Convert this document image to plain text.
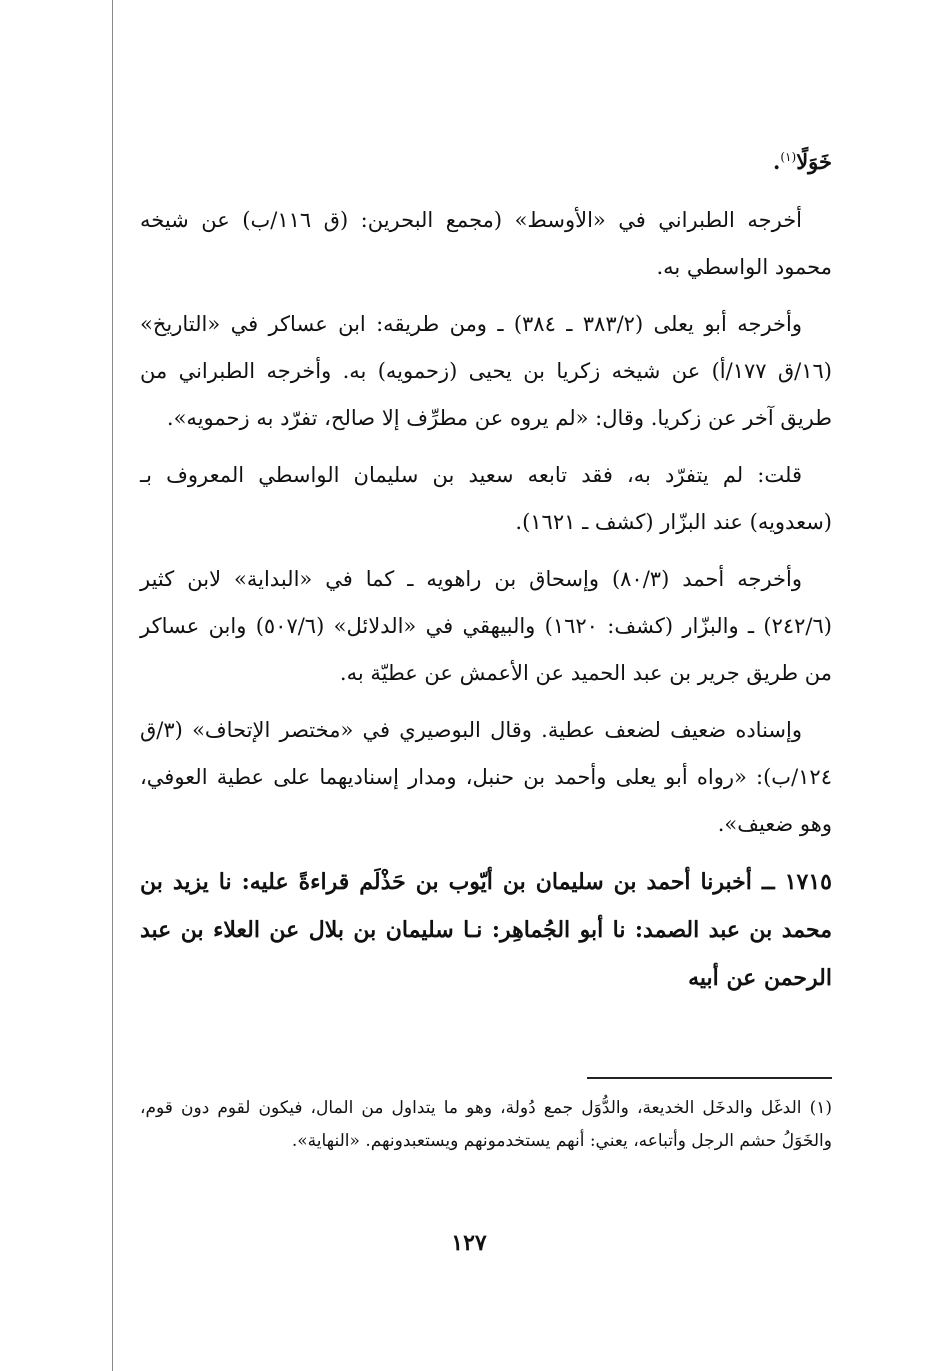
خَوَلًا$^{(١)}$.

أخرجه الطبراني في «الأوسط» (مجمع البحرين: (ق ١١٦/ب) عن شيخه محمود الواسطي به.

وأخرجه أبو يعلى (٣٨٣/٢ ـ ٣٨٤) ـ ومن طريقه: ابن عساكر في «التاريخ» (١٦/ق ١٧٧/أ) عن شيخه زكريا بن يحيى (زحمويه) به. وأخرجه الطبراني من طريق آخر عن زكريا. وقال: «لم يروه عن مطرِّف إلا صالح، تفرّد به زحمويه».

قلت: لم يتفرّد به، فقد تابعه سعيد بن سليمان الواسطي المعروف بـ (سعدويه) عند البزّار (كشف ـ ١٦٢١).

وأخرجه أحمد (٨٠/٣) وإسحاق بن راهويه ـ كما في «البداية» لابن كثير (٢٤٢/٦) ـ والبزّار (كشف: ١٦٢٠) والبيهقي في «الدلائل» (٥٠٧/٦) وابن عساكر من طريق جرير بن عبد الحميد عن الأعمش عن عطيّة به.

وإسناده ضعيف لضعف عطية. وقال البوصيري في «مختصر الإتحاف» (٣/ق ١٢٤/ب): «رواه أبو يعلى وأحمد بن حنبل، ومدار إسناديهما على عطية العوفي، وهو ضعيف».

١٧١٥ ــ أخبرنا أحمد بن سليمان بن أيّوب بن حَذْلَم قراءةً عليه: نا يزيد بن محمد بن عبد الصمد: نا أبو الجُماهِر: نـا سليمان بن بلال عن العلاء بن عبد الرحمن عن أبيه

(١) الدغَل والدخَل الخديعة، والدُّوَل جمع دُولة، وهو ما يتداول من المال، فيكون لقوم دون قوم، والخَوَلُ حشم الرجل وأتباعه، يعني: أنهم يستخدمونهم ويستعبدونهم. «النهاية».
١٢٧
